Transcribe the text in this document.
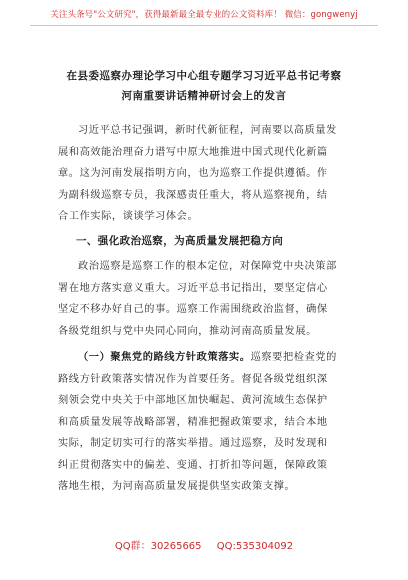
关注头条号"公文研究"，获得最新最全最专业的公文资料库！ 微信：gongwenyj
在县委巡察办理论学习中心组专题学习习近平总书记考察
河南重要讲话精神研讨会上的发言
习近平总书记强调，新时代新征程，河南要以高质量发
展和高效能治理奋力谱写中原大地推进中国式现代化新篇
章。这为河南发展指明方向，也为巡察工作提供遵循。作
为副科级巡察专员，我深感责任重大，将从巡察视角，结
合工作实际，谈谈学习体会。
一、强化政治巡察，为高质量发展把稳方向
政治巡察是巡察工作的根本定位，对保障党中央决策部
署在地方落实意义重大。习近平总书记指出，要坚定信心
坚定不移办好自己的事。巡察工作需围绕政治监督，确保
各级党组织与党中央同心同向，推动河南高质量发展。
（一）聚焦党的路线方针政策落实。巡察要把检查党的
路线方针政策落实情况作为首要任务。督促各级党组织深
刻领会党中央关于中部地区加快崛起、黄河流域生态保护
和高质量发展等战略部署，精准把握政策要求，结合本地
实际，制定切实可行的落实举措。通过巡察，及时发现和
纠正贯彻落实中的偏差、变通、打折扣等问题，保障政策
落地生根，为河南高质量发展提供坚实政策支撑。
QQ群：30265665 QQ:535304092
